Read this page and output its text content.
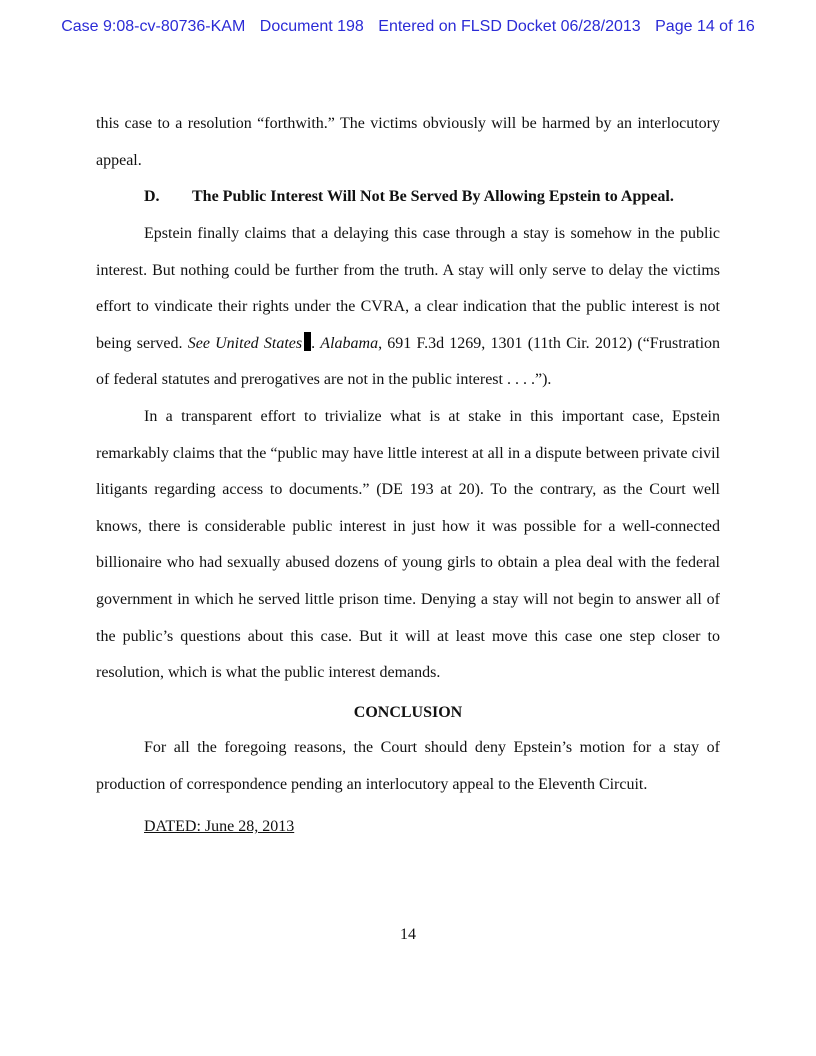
Case 9:08-cv-80736-KAM Document 198 Entered on FLSD Docket 06/28/2013 Page 14 of 16

this case to a resolution “forthwith.” The victims obviously will be harmed by an interlocutory appeal.

D. The Public Interest Will Not Be Served By Allowing Epstein to Appeal.

Epstein finally claims that a delaying this case through a stay is somehow in the public interest. But nothing could be further from the truth. A stay will only serve to delay the victims effort to vindicate their rights under the CVRA, a clear indication that the public interest is not being served. See United States . Alabama, 691 F.3d 1269, 1301 (11th Cir. 2012) (“Frustration of federal statutes and prerogatives are not in the public interest . . . .”).

In a transparent effort to trivialize what is at stake in this important case, Epstein remarkably claims that the “public may have little interest at all in a dispute between private civil litigants regarding access to documents.” (DE 193 at 20). To the contrary, as the Court well knows, there is considerable public interest in just how it was possible for a well-connected billionaire who had sexually abused dozens of young girls to obtain a plea deal with the federal government in which he served little prison time. Denying a stay will not begin to answer all of the public’s questions about this case. But it will at least move this case one step closer to resolution, which is what the public interest demands.

CONCLUSION

For all the foregoing reasons, the Court should deny Epstein’s motion for a stay of production of correspondence pending an interlocutory appeal to the Eleventh Circuit.

DATED: June 28, 2013
14
